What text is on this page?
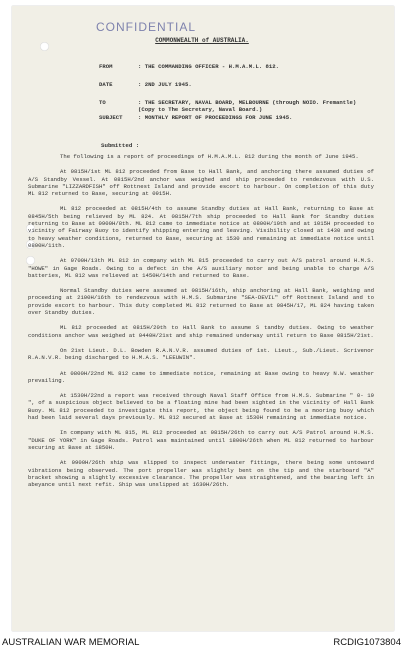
CONFIDENTIAL
COMMONWEALTH of AUSTRALIA.
FROM	: THE COMMANDING OFFICER - H.M.A.M.L. 812.
DATE	: 2ND JULY 1945.
TO	: THE SECRETARY, NAVAL BOARD, MELBOURNE (through NOIO. Fremantle) (Copy to The Secretary, Naval Board.)
SUBJECT	: MONTHLY REPORT OF PROCEEDINGS FOR JUNE 1945.
Submitted :

The following is a report of proceedings of H.M.A.M.L. 812 during the month of June 1945.

At 0815H/1st ML 812 proceeded from Base to Hall Bank, and anchoring there assumed duties of A/S Standby Vessel. At 0815H/2nd anchor was weighed and ship proceeded to rendezvous with U.S. Submarine "LIZZARDFISH" off Rottnest Island and provide escort to harbour. On completion of this duty ML 812 returned to Base, securing at 0915H.

ML 812 proceeded at 0815H/4th to assume Standby duties at Hall Bank, returning to Base at 0845H/5th being relieved by ML 824. At 0815H/7th ship proceeded to Hall Bank for Standby duties returning to Base at 0900H/8th. ML 812 came to immediate notice at 0800H/10th and at 1015H proceeded to vicinity of Fairway Buoy to identify shipping entering and leaving. Visibility closed at 1430 and owing to heavy weather conditions, returned to Base, securing at 1530 and remaining at immediate notice until 0800H/11th.

At 0700H/13th ML 812 in company with ML 815 proceeded to carry out A/S patrol around H.M.S. "HOWE" in Gage Roads. Owing to a defect in the A/S auxiliary motor and being unable to charge A/S batteries, ML 812 was relieved at 1450H/14th and returned to Base.

Normal Standby duties were assumed at 0815H/16th, ship anchoring at Hall Bank, weighing and proceeding at 2100H/16th to rendezvous with H.M.S. Submarine "SEA-DEVIL" off Rottnest Island and to provide escort to harbour. This duty completed ML 812 returned to Base at 0845H/17, ML 824 having taken over Standby duties.

ML 812 proceeded at 0815H/20th to Hall Bank to assume S tandby duties. Owing to weather conditions anchor was weighed at 0440H/21st and ship remained underway until return to Base 0815H/21st.

On 21st Lieut. D.L. Bowden R.A.N.V.R. assumed duties of 1st. Lieut., Sub./Lieut. Scrivenor R.A.N.V.R. being discharged to H.M.A.S. "LEEUWIN".

At 0800H/22nd ML 812 came to immediate notice, remaining at Base owing to heavy N.W. weather prevailing.

At 1530H/22nd a report was received through Naval Staff Office from H.M.S. Submarine " 0- 19 ", of a suspicious object believed to be a floating mine had been sighted in the vicinity of Hall Bank Buoy. ML 812 proceeded to investigate this report, the object being found to be a mooring buoy which had been laid several days previously. ML 812 secured at Base at 1530H remaining at immediate notice.

In company with ML 815, ML 812 proceeded at 0815H/26th to carry out A/S Patrol around H.M.S. "DUKE OF YORK" in Gage Roads. Patrol was maintained until 1800H/26th when ML 812 returned to harbour securing at Base at 1850H.

At 0900H/26th ship was slipped to inspect underwater fittings, there being some untoward vibrations being observed. The port propeller was slightly bent on the tip and the starboard "A" bracket showing a slightly excessive clearance. The propeller was straightened, and the bearing left in abeyance until next refit. Ship was unslipped at 1630H/26th.

AUSTRALIAN WAR MEMORIAL	RCDIG1073804
